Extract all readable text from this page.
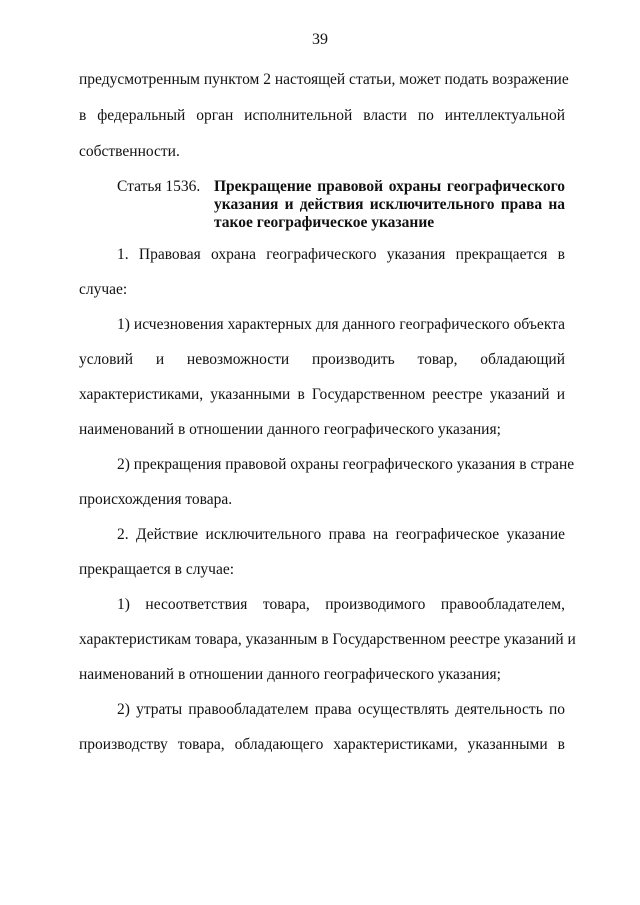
39
предусмотренным пунктом 2 настоящей статьи, может подать возражение
в федеральный орган исполнительной власти по интеллектуальной
собственности.
Статья 1536. Прекращение правовой охраны географического
указания и действия исключительного права на
такое географическое указание
1. Правовая охрана географического указания прекращается в
случае:
1) исчезновения характерных для данного географического объекта
условий и невозможности производить товар, обладающий
характеристиками, указанными в Государственном реестре указаний и
наименований в отношении данного географического указания;
2) прекращения правовой охраны географического указания в стране
происхождения товара.
2. Действие исключительного права на географическое указание
прекращается в случае:
1) несоответствия товара, производимого правообладателем,
характеристикам товара, указанным в Государственном реестре указаний и
наименований в отношении данного географического указания;
2) утраты правообладателем права осуществлять деятельность по
производству товара, обладающего характеристиками, указанными в
